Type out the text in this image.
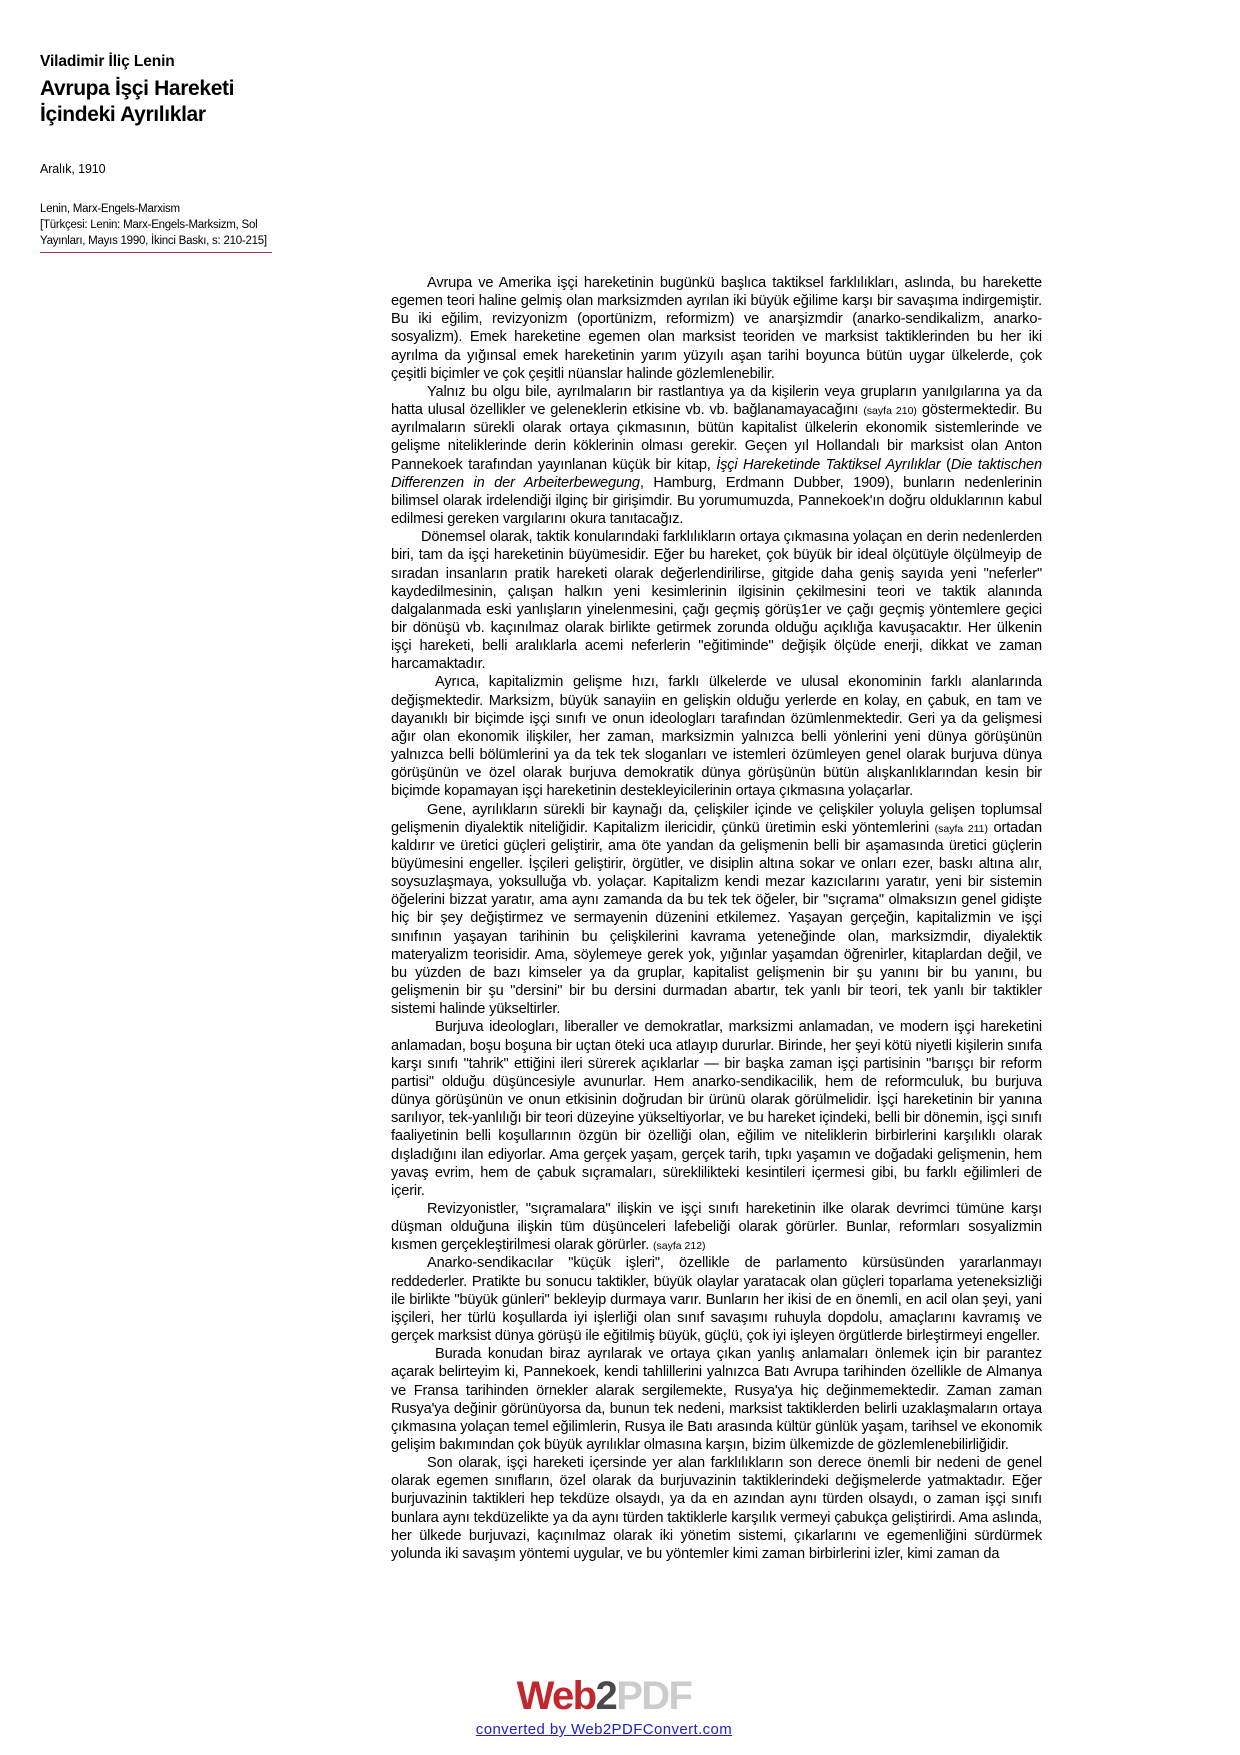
Viladimir İliç Lenin
Avrupa İşçi Hareketi
İçindeki Ayrılıklar
Aralık, 1910
Lenin, Marx-Engels-Marxism
[Türkçesi: Lenin: Marx-Engels-Marksizm, Sol
Yayınları, Mayıs 1990, İkinci Baskı, s: 210-215]

Avrupa ve Amerika işçi hareketinin bugünkü başlıca taktiksel farklılıkları, aslında, bu harekette egemen teori haline gelmiş olan marksizmden ayrılan iki büyük eğilime karşı bir savaşıma indirgemiştir. Bu iki eğilim, revizyonizm (oportünizm, reformizm) ve anarşizmdir (anarko-sendikalizm, anarko-sosyalizm). Emek hareketine egemen olan marksist teoriden ve marksist taktiklerinden bu her iki ayrılma da yığınsal emek hareketinin yarım yüzyılı aşan tarihi boyunca bütün uygar ülkelerde, çok çeşitli biçimler ve çok çeşitli nüanslar halinde gözlemlenebilir.

Yalnız bu olgu bile, ayrılmaların bir rastlantıya ya da kişilerin veya grupların yanılgılarına ya da hatta ulusal özellikler ve geleneklerin etkisine vb. vb. bağlanamayacağını (sayfa 210) göstermektedir. Bu ayrılmaların sürekli olarak ortaya çıkmasının, bütün kapitalist ülkelerin ekonomik sistemlerinde ve gelişme niteliklerinde derin köklerinin olması gerekir. Geçen yıl Hollandalı bir marksist olan Anton Pannekoek tarafından yayınlanan küçük bir kitap, İşçi Hareketinde Taktiksel Ayrılıklar (Die taktischen Differenzen in der Arbeiterbewegung, Hamburg, Erdmann Dubber, 1909), bunların nedenlerinin bilimsel olarak irdelendiği ilginç bir girişimdir. Bu yorumumuzda, Pannekoek'ın doğru olduklarının kabul edilmesi gereken vargılarını okura tanıtacağız.

Dönemsel olarak, taktik konularındaki farklılıkların ortaya çıkmasına yolaçan en derin nedenlerden biri, tam da işçi hareketinin büyümesidir. Eğer bu hareket, çok büyük bir ideal ölçütüyle ölçülmeyip de sıradan insanların pratik hareketi olarak değerlendirilirse, gitgide daha geniş sayıda yeni "neferler" kaydedilmesinin, çalışan halkın yeni kesimlerinin ilgisinin çekilmesini teori ve taktik alanında dalgalanmada eski yanlışların yinelenmesini, çağı geçmiş görüş1er ve çağı geçmiş yöntemlere geçici bir dönüşü vb. kaçınılmaz olarak birlikte getirmek zorunda olduğu açıklığa kavuşacaktır. Her ülkenin işçi hareketi, belli aralıklarla acemi neferlerin "eğitiminde" değişik ölçüde enerji, dikkat ve zaman harcamaktadır.

Ayrıca, kapitalizmin gelişme hızı, farklı ülkelerde ve ulusal ekonominin farklı alanlarında değişmektedir. Marksizm, büyük sanayiin en gelişkin olduğu yerlerde en kolay, en çabuk, en tam ve dayanıklı bir biçimde işçi sınıfı ve onun ideologları tarafından özümlenmektedir. Geri ya da gelişmesi ağır olan ekonomik ilişkiler, her zaman, marksizmin yalnızca belli yönlerini yeni dünya görüşünün yalnızca belli bölümlerini ya da tek tek sloganları ve istemleri özümleyen genel olarak burjuva dünya görüşünün ve özel olarak burjuva demokratik dünya görüşünün bütün alışkanlıklarından kesin bir biçimde kopamayan işçi hareketinin destekleyicilerinin ortaya çıkmasına yolaçarlar.

Gene, ayrılıkların sürekli bir kaynağı da, çelişkiler içinde ve çelişkiler yoluyla gelişen toplumsal gelişmenin diyalektik niteliğidir. Kapitalizm ilericidir, çünkü üretimin eski yöntemlerini (sayfa 211) ortadan kaldırır ve üretici güçleri geliştirir, ama öte yandan da gelişmenin belli bir aşamasında üretici güçlerin büyümesini engeller. İşçileri geliştirir, örgütler, ve disiplin altına sokar ve onları ezer, baskı altına alır, soysuzlaşmaya, yoksulluğa vb. yolaçar. Kapitalizm kendi mezar kazıcılarını yaratır, yeni bir sistemin öğelerini bizzat yaratır, ama aynı zamanda da bu tek tek öğeler, bir "sıçrama" olmaksızın genel gidişte hiç bir şey değiştirmez ve sermayenin düzenini etkilemez. Yaşayan gerçeğin, kapitalizmin ve işçi sınıfının yaşayan tarihinin bu çelişkilerini kavrama yeteneğinde olan, marksizmdir, diyalektik materyalizm teorisidir. Ama, söylemeye gerek yok, yığınlar yaşamdan öğrenirler, kitaplardan değil, ve bu yüzden de bazı kimseler ya da gruplar, kapitalist gelişmenin bir şu yanını bir bu yanını, bu gelişmenin bir şu "dersini" bir bu dersini durmadan abartır, tek yanlı bir teori, tek yanlı bir taktikler sistemi halinde yükseltirler.

Burjuva ideologları, liberaller ve demokratlar, marksizmi anlamadan, ve modern işçi hareketini anlamadan, boşu boşuna bir uçtan öteki uca atlayıp dururlar. Birinde, her şeyi kötü niyetli kişilerin sınıfa karşı sınıfı "tahrik" ettiğini ileri sürerek açıklarlar — bir başka zaman işçi partisinin "barışçı bir reform partisi" olduğu düşüncesiyle avunurlar. Hem anarko-sendikacilik, hem de reformculuk, bu burjuva dünya görüşünün ve onun etkisinin doğrudan bir ürünü olarak görülmelidir. İşçi hareketinin bir yanına sarılıyor, tek-yanlılığı bir teori düzeyine yükseltiyorlar, ve bu hareket içindeki, belli bir dönemin, işçi sınıfı faaliyetinin belli koşullarının özgün bir özelliği olan, eğilim ve niteliklerin birbirlerini karşılıklı olarak dışladığını ilan ediyorlar. Ama gerçek yaşam, gerçek tarih, tıpkı yaşamın ve doğadaki gelişmenin, hem yavaş evrim, hem de çabuk sıçramaları, süreklilikteki kesintileri içermesi gibi, bu farklı eğilimleri de içerir.

Revizyonistler, "sıçramalara" ilişkin ve işçi sınıfı hareketinin ilke olarak devrimci tümüne karşı düşman olduğuna ilişkin tüm düşünceleri lafebeliği olarak görürler. Bunlar, reformları sosyalizmin kısmen gerçekleştirilmesi olarak görürler. (sayfa 212)

Anarko-sendikacılar "küçük işleri", özellikle de parlamento kürsüsünden yararlanmayı reddederler. Pratikte bu sonucu taktikler, büyük olaylar yaratacak olan güçleri toparlama yeteneksizliği ile birlikte "büyük günleri" bekleyip durmaya varır. Bunların her ikisi de en önemli, en acil olan şeyi, yani işçileri, her türlü koşullarda iyi işlerliği olan sınıf savaşımı ruhuyla dopdolu, amaçlarını kavramış ve gerçek marksist dünya görüşü ile eğitilmiş büyük, güçlü, çok iyi işleyen örgütlerde birleştirmeyi engeller.

Burada konudan biraz ayrılarak ve ortaya çıkan yanlış anlamaları önlemek için bir parantez açarak belirteyim ki, Pannekoek, kendi tahlillerini yalnızca Batı Avrupa tarihinden özellikle de Almanya ve Fransa tarihinden örnekler alarak sergilemekte, Rusya'ya hiç değinmemektedir. Zaman zaman Rusya'ya değinir görünüyorsa da, bunun tek nedeni, marksist taktiklerden belirli uzaklaşmaların ortaya çıkmasına yolaçan temel eğilimlerin, Rusya ile Batı arasında kültür günlük yaşam, tarihsel ve ekonomik gelişim bakımından çok büyük ayrılıklar olmasına karşın, bizim ülkemizde de gözlemlenebilirliğidir.

Son olarak, işçi hareketi içersinde yer alan farklılıkların son derece önemli bir nedeni de genel olarak egemen sınıfların, özel olarak da burjuvazinin taktiklerindeki değişmelerde yatmaktadır. Eğer burjuvazinin taktikleri hep tekdüze olsaydı, ya da en azından aynı türden olsaydı, o zaman işçi sınıfı bunlara aynı tekdüzelikte ya da aynı türden taktiklerle karşılık vermeyi çabukça geliştirirdi. Ama aslında, her ülkede burjuvazi, kaçınılmaz olarak iki yönetim sistemi, çıkarlarını ve egemenliğini sürdürmek yolunda iki savaşım yöntemi uygular, ve bu yöntemler kimi zaman birbirlerini izler, kimi zaman da

Web2PDF
converted by Web2PDFConvert.com
